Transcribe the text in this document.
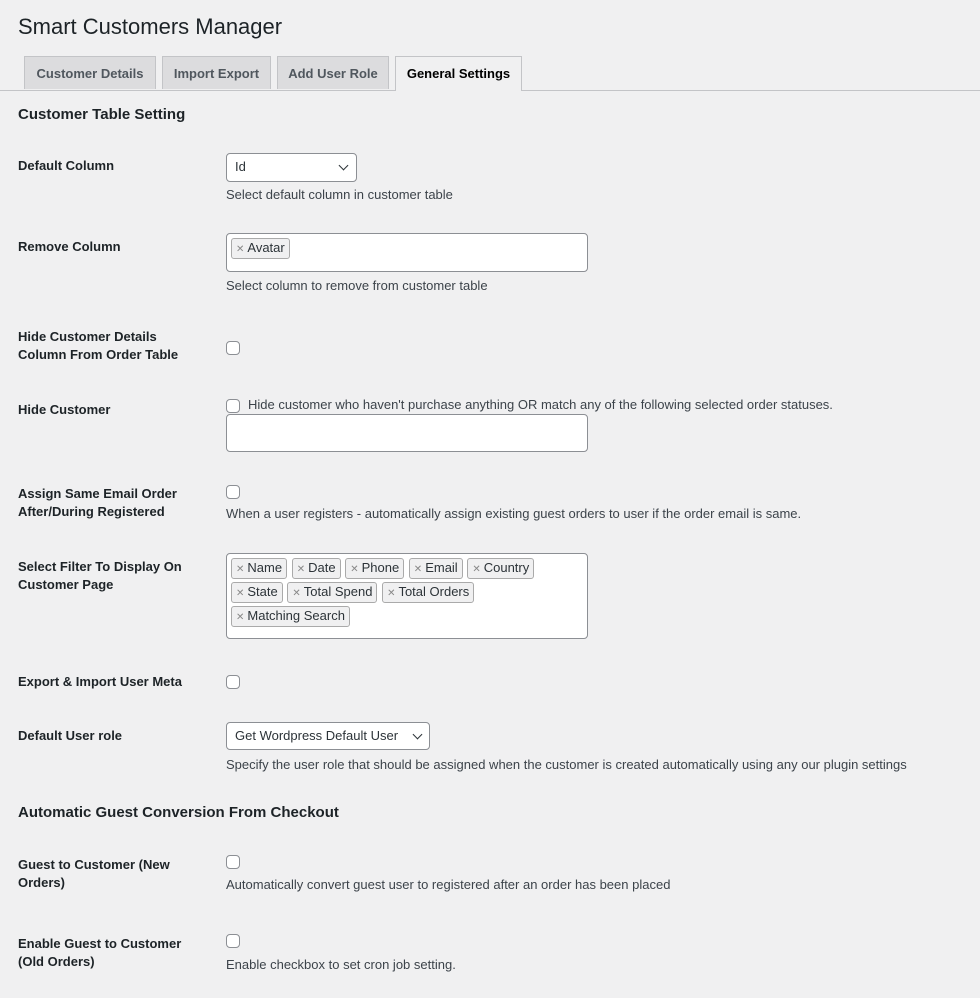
Smart Customers Manager
Customer Details	Import Export	Add User Role	General Settings
Customer Table Setting
Default Column	Id
Select default column in customer table
Remove Column	✕ Avatar
Select column to remove from customer table
Hide Customer Details Column From Order Table
Hide Customer	Hide customer who haven't purchase anything OR match any of the following selected order statuses.
Assign Same Email Order After/During Registered	When a user registers - automatically assign existing guest orders to user if the order email is same.
Select Filter To Display On Customer Page
✕ Name ✕ Date ✕ Phone ✕ Email ✕ Country ✕ State ✕ Total Spend ✕ Total Orders ✕ Matching Search
Export & Import User Meta
Default User role	Get Wordpress Default User
Specify the user role that should be assigned when the customer is created automatically using any our plugin settings
Automatic Guest Conversion From Checkout
Guest to Customer (New Orders)	Automatically convert guest user to registered after an order has been placed
Enable Guest to Customer (Old Orders)	Enable checkbox to set cron job setting.
